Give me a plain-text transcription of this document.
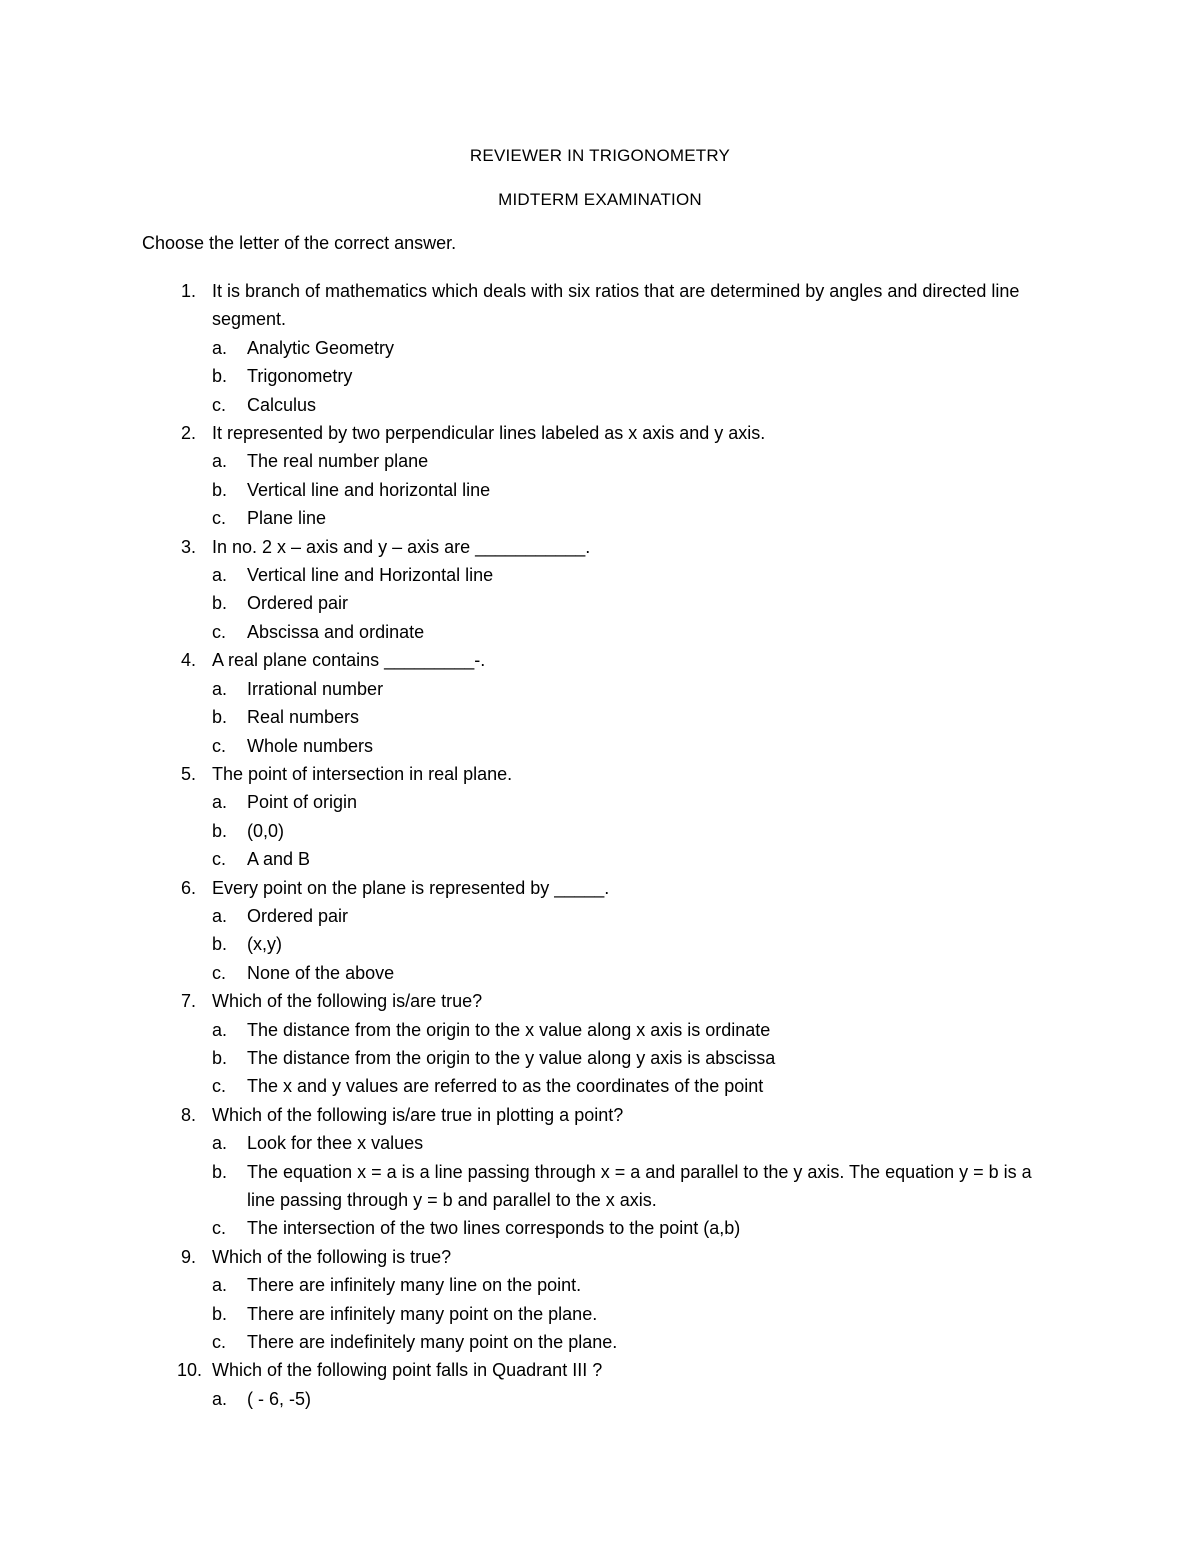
REVIEWER IN TRIGONOMETRY
MIDTERM EXAMINATION
Choose the letter of the correct answer.
1. It is branch of mathematics which deals with six ratios that are determined by angles and directed line segment.
a. Analytic Geometry
b. Trigonometry
c. Calculus
2. It represented by two perpendicular lines labeled as x axis and y axis.
a. The real number plane
b. Vertical line and horizontal line
c. Plane line
3. In no. 2 x – axis and y – axis are ___________.
a. Vertical line and Horizontal line
b. Ordered pair
c. Abscissa and ordinate
4. A real plane contains _________-.
a. Irrational number
b. Real numbers
c. Whole numbers
5. The point of intersection in real plane.
a. Point of origin
b. (0,0)
c. A and B
6. Every point on the plane is represented by _____.
a. Ordered pair
b. (x,y)
c. None of the above
7. Which of the following is/are true?
a. The distance from the origin to the x value along x axis is ordinate
b. The distance from the origin to the y value along y axis is abscissa
c. The x and y values are referred to as the coordinates of the point
8. Which of the following is/are true in plotting a point?
a. Look for thee x values
b. The equation x = a is a line passing through x = a and parallel to the y axis. The equation y = b is a line passing through y = b and parallel to the x axis.
c. The intersection of the two lines corresponds to the point (a,b)
9. Which of the following is true?
a. There are infinitely many line on the point.
b. There are infinitely many point on the plane.
c. There are indefinitely many point on the plane.
10. Which of the following point falls in Quadrant III ?
a. ( - 6, -5)
